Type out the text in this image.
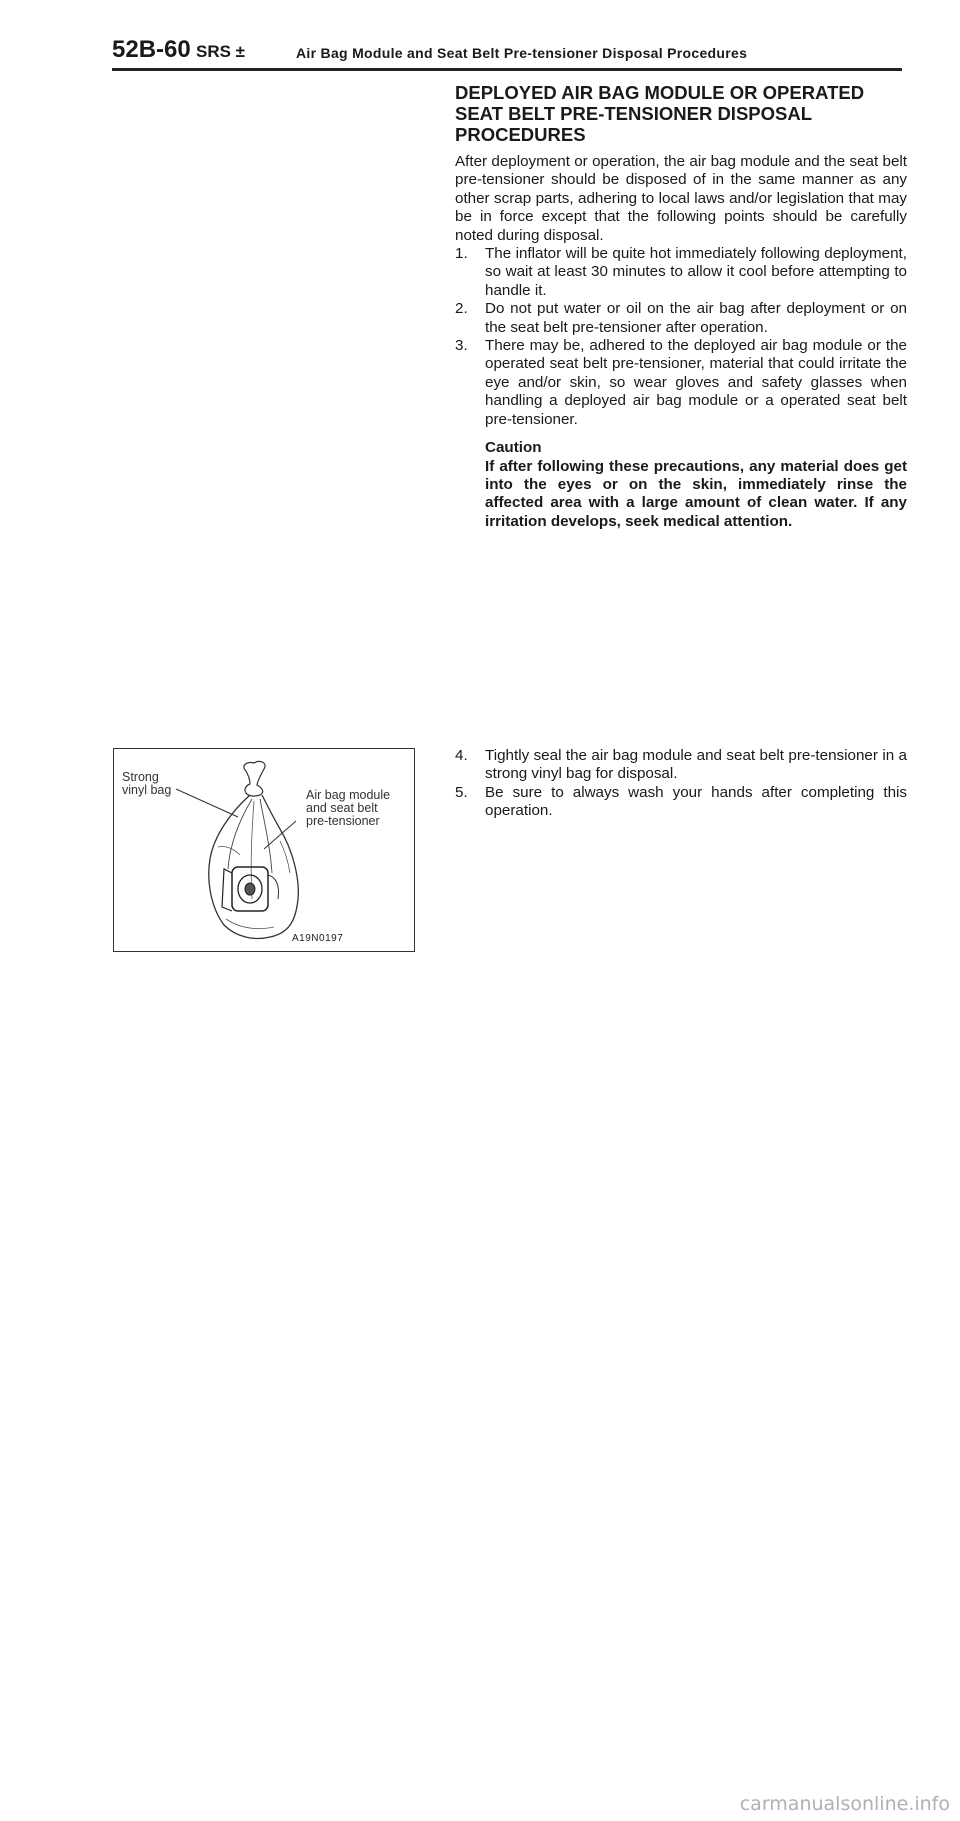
52B-60 SRS ±	Air Bag Module and Seat Belt Pre-tensioner Disposal Procedures
DEPLOYED AIR BAG MODULE OR OPERATED SEAT BELT PRE-TENSIONER DISPOSAL PROCEDURES

After deployment or operation, the air bag module and the seat belt pre-tensioner should be disposed of in the same manner as any other scrap parts, adhering to local laws and/or legislation that may be in force except that the following points should be carefully noted during disposal.

1. The inflator will be quite hot immediately following deployment, so wait at least 30 minutes to allow it cool before attempting to handle it.
2. Do not put water or oil on the air bag after deployment or on the seat belt pre-tensioner after operation.
3. There may be, adhered to the deployed air bag module or the operated seat belt pre-tensioner, material that could irritate the eye and/or skin, so wear gloves and safety glasses when handling a deployed air bag module or a operated seat belt pre-tensioner.
Caution
If after following these precautions, any material does get into the eyes or on the skin, immediately rinse the affected area with a large amount of clean water. If any irritation develops, seek medical attention.
Strong
vinyl bag	Air bag module
and seat belt
pre-tensioner
A19N0197
4. Tightly seal the air bag module and seat belt pre-tensioner in a strong vinyl bag for disposal.
5. Be sure to always wash your hands after completing this operation.
carmanualsonline.info
